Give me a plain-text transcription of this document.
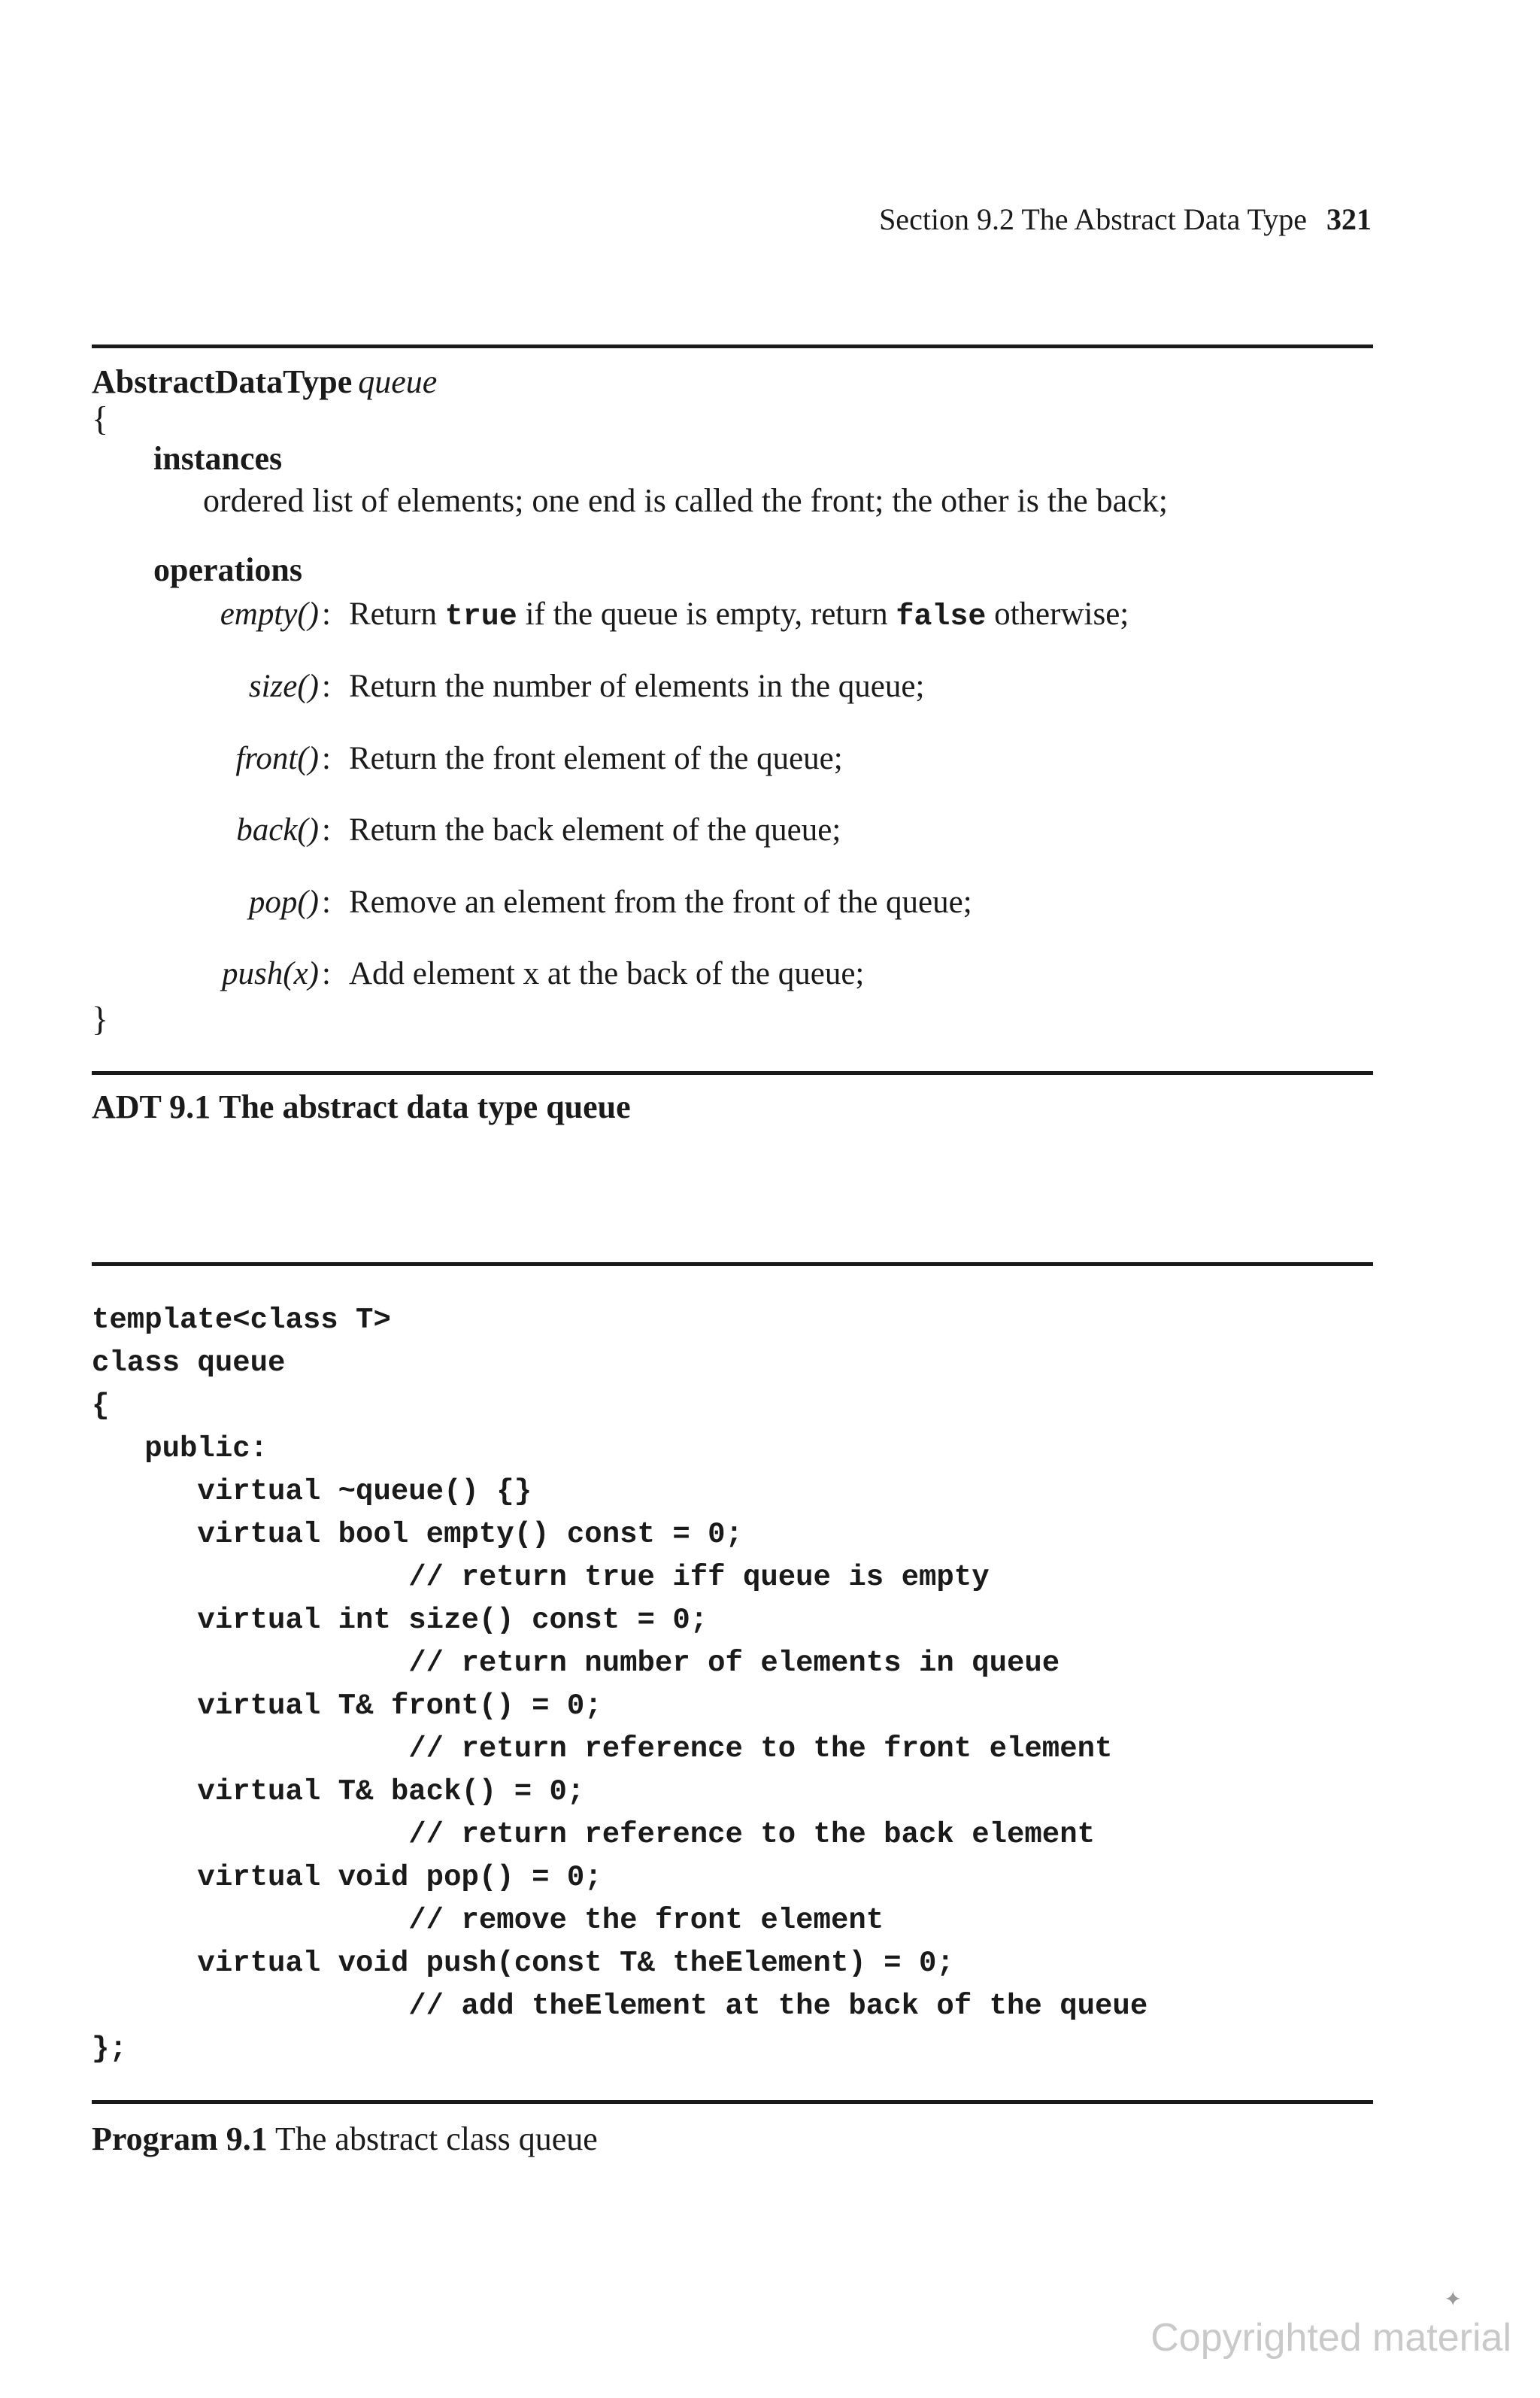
Section 9.2 The Abstract Data Type 321
AbstractDataType queue
{
instances
ordered list of elements; one end is called the front; the other is the back;
operations
empty() : Return true if the queue is empty, return false otherwise;
size() : Return the number of elements in the queue;
front() : Return the front element of the queue;
back() : Return the back element of the queue;
pop() : Remove an element from the front of the queue;
push(x) : Add element x at the back of the queue;
}
ADT 9.1 The abstract data type queue
template<class T>
class queue
{
public:
virtual ~queue() {}
virtual bool empty() const = 0;
// return true iff queue is empty
virtual int size() const = 0;
// return number of elements in queue
virtual T& front() = 0;
// return reference to the front element
virtual T& back() = 0;
// return reference to the back element
virtual void pop() = 0;
// remove the front element
virtual void push(const T& theElement) = 0;
// add theElement at the back of the queue
};
Program 9.1 The abstract class queue
✦
Copyrighted material
